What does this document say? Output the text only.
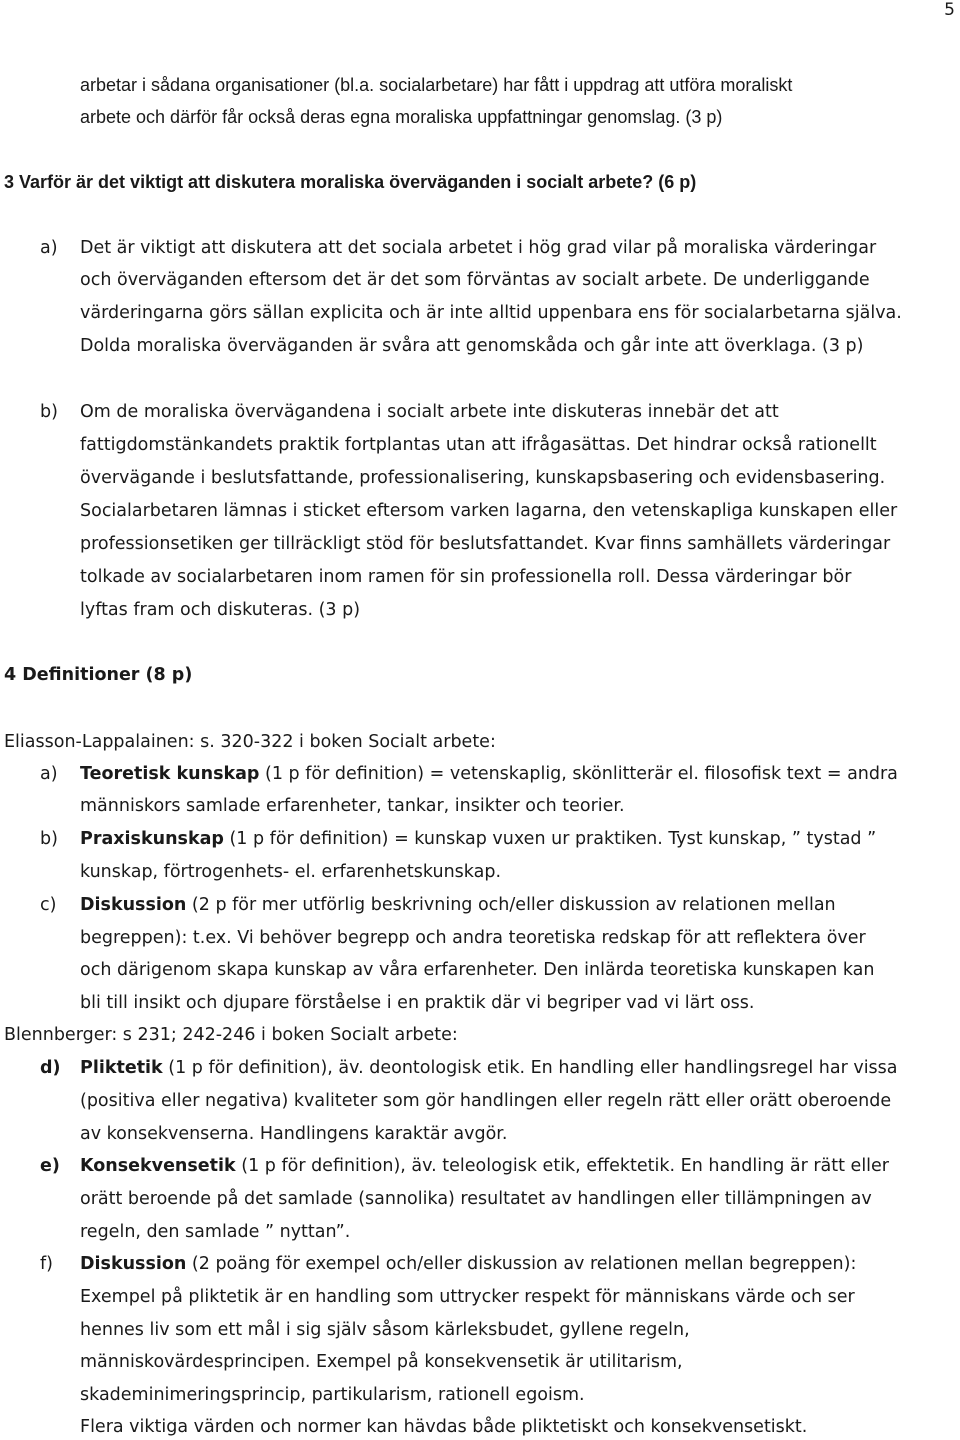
5
arbetar i sådana organisationer (bl.a. socialarbetare) har fått i uppdrag att utföra moraliskt
arbete och därför får också deras egna moraliska uppfattningar genomslag. (3 p)
3 Varför är det viktigt att diskutera moraliska överväganden i socialt arbete? (6 p)
a) Det är viktigt att diskutera att det sociala arbetet i hög grad vilar på moraliska värderingar
och överväganden eftersom det är det som förväntas av socialt arbete. De underliggande
värderingarna görs sällan explicita och är inte alltid uppenbara ens för socialarbetarna själva.
Dolda moraliska överväganden är svåra att genomskåda och går inte att överklaga. (3 p)
b) Om de moraliska övervägandena i socialt arbete inte diskuteras innebär det att
fattigdomstänkandets praktik fortplantas utan att ifrågasättas. Det hindrar också rationellt
övervägande i beslutsfattande, professionalisering, kunskapsbasering och evidensbasering.
Socialarbetaren lämnas i sticket eftersom varken lagarna, den vetenskapliga kunskapen eller
professionsetiken ger tillräckligt stöd för beslutsfattandet. Kvar finns samhällets värderingar
tolkade av socialarbetaren inom ramen för sin professionella roll. Dessa värderingar bör
lyftas fram och diskuteras. (3 p)
4 Definitioner (8 p)
Eliasson-Lappalainen: s. 320-322 i boken Socialt arbete:
a) Teoretisk kunskap (1 p för definition) = vetenskaplig, skönlitterär el. filosofisk text = andra
människors samlade erfarenheter, tankar, insikter och teorier.
b) Praxiskunskap (1 p för definition) = kunskap vuxen ur praktiken. Tyst kunskap, ” tystad ”
kunskap, förtrogenhets- el. erfarenhetskunskap.
c) Diskussion (2 p för mer utförlig beskrivning och/eller diskussion av relationen mellan
begreppen): t.ex. Vi behöver begrepp och andra teoretiska redskap för att reflektera över
och därigenom skapa kunskap av våra erfarenheter. Den inlärda teoretiska kunskapen kan
bli till insikt och djupare förståelse i en praktik där vi begriper vad vi lärt oss.
Blennberger: s 231; 242-246 i boken Socialt arbete:
d) Pliktetik (1 p för definition), äv. deontologisk etik. En handling eller handlingsregel har vissa
(positiva eller negativa) kvaliteter som gör handlingen eller regeln rätt eller orätt oberoende
av konsekvenserna. Handlingens karaktär avgör.
e) Konsekvensetik (1 p för definition), äv. teleologisk etik, effektetik. En handling är rätt eller
orätt beroende på det samlade (sannolika) resultatet av handlingen eller tillämpningen av
regeln, den samlade ” nyttan”.
f) Diskussion (2 poäng för exempel och/eller diskussion av relationen mellan begreppen):
Exempel på pliktetik är en handling som uttrycker respekt för människans värde och ser
hennes liv som ett mål i sig själv såsom kärleksbudet, gyllene regeln,
människovärdesprincipen. Exempel på konsekvensetik är utilitarism,
skademinimeringsprincip, partikularism, rationell egoism.
Flera viktiga värden och normer kan hävdas både pliktetiskt och konsekvensetiskt.
